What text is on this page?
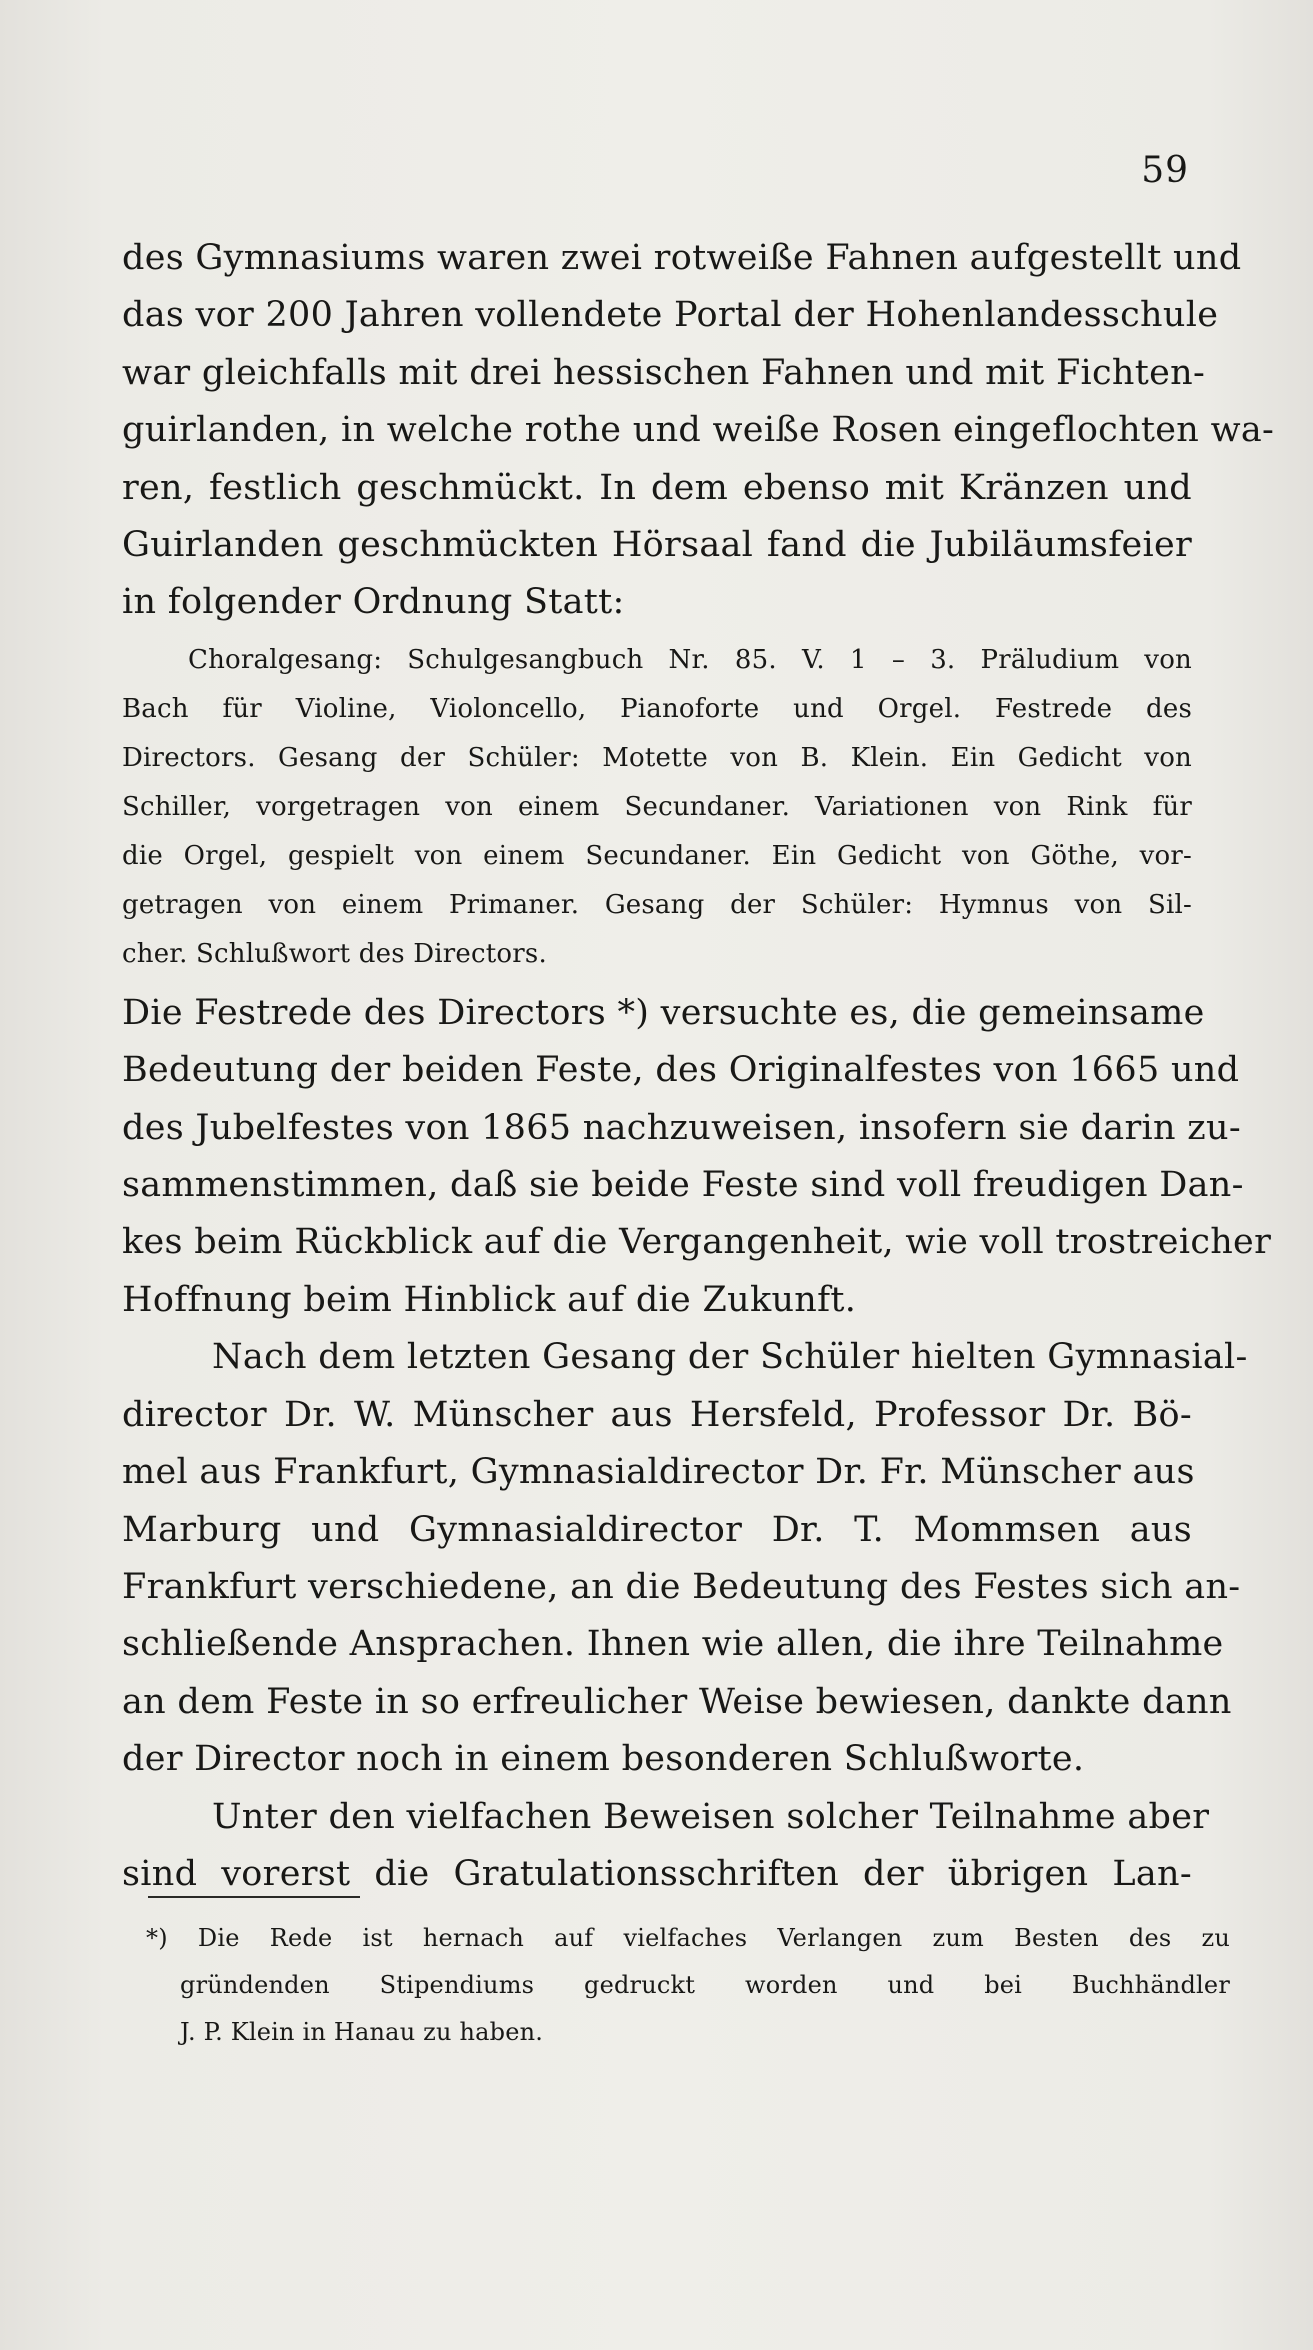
59
des Gymnasiums waren zwei rotweiße Fahnen aufgestellt und
das vor 200 Jahren vollendete Portal der Hohenlandesschule
war gleichfalls mit drei hessischen Fahnen und mit Fichten-
guirlanden, in welche rothe und weiße Rosen eingeflochten wa-
ren, festlich geschmückt. In dem ebenso mit Kränzen und
Guirlanden geschmückten Hörsaal fand die Jubiläumsfeier
in folgender Ordnung Statt:
Choralgesang: Schulgesangbuch Nr. 85. V. 1 – 3. Präludium von
Bach für Violine, Violoncello, Pianoforte und Orgel. Festrede des
Directors. Gesang der Schüler: Motette von B. Klein. Ein Gedicht von
Schiller, vorgetragen von einem Secundaner. Variationen von Rink für
die Orgel, gespielt von einem Secundaner. Ein Gedicht von Göthe, vor-
getragen von einem Primaner. Gesang der Schüler: Hymnus von Sil-
cher. Schlußwort des Directors.
Die Festrede des Directors *) versuchte es, die gemeinsame
Bedeutung der beiden Feste, des Originalfestes von 1665 und
des Jubelfestes von 1865 nachzuweisen, insofern sie darin zu-
sammenstimmen, daß sie beide Feste sind voll freudigen Dan-
kes beim Rückblick auf die Vergangenheit, wie voll trostreicher
Hoffnung beim Hinblick auf die Zukunft.
Nach dem letzten Gesang der Schüler hielten Gymnasial-
director Dr. W. Münscher aus Hersfeld, Professor Dr. Bö-
mel aus Frankfurt, Gymnasialdirector Dr. Fr. Münscher aus
Marburg und Gymnasialdirector Dr. T. Mommsen aus
Frankfurt verschiedene, an die Bedeutung des Festes sich an-
schließende Ansprachen. Ihnen wie allen, die ihre Teilnahme
an dem Feste in so erfreulicher Weise bewiesen, dankte dann
der Director noch in einem besonderen Schlußworte.
Unter den vielfachen Beweisen solcher Teilnahme aber
sind vorerst die Gratulationsschriften der übrigen Lan-
*) Die Rede ist hernach auf vielfaches Verlangen zum Besten des zu
gründenden Stipendiums gedruckt worden und bei Buchhändler
J. P. Klein in Hanau zu haben.
